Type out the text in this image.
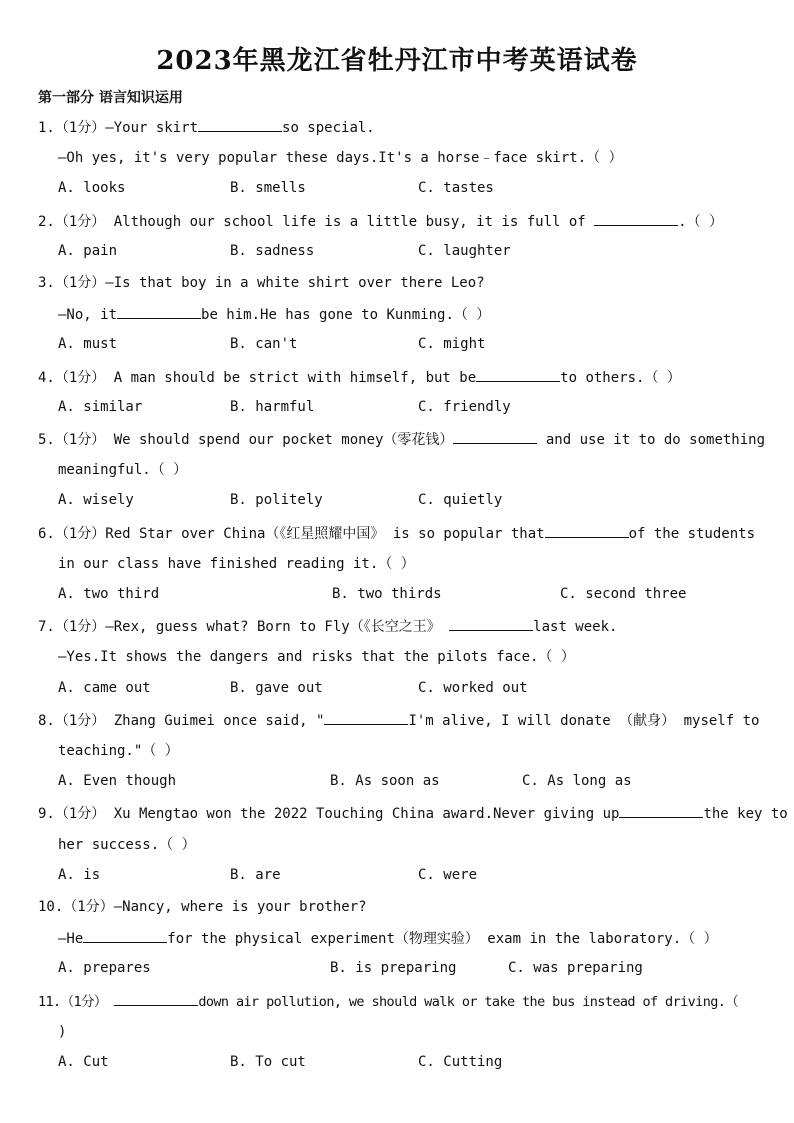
2023年黑龙江省牡丹江市中考英语试卷
第一部分 语言知识运用
1.（1分）—Your skirt	so special.
—Oh yes, it's very popular these days.It's a horse﹣face skirt.（ ）
A. looks	B. smells	C. tastes
2.（1分） Although our school life is a little busy, it is full of	.（ ）
A. pain	B. sadness	C. laughter
3.（1分）—Is that boy in a white shirt over there Leo?
—No, it	be him.He has gone to Kunming.（ ）
A. must	B. can't	C. might
4.（1分） A man should be strict with himself, but be	to others.（ ）
A. similar	B. harmful	C. friendly
5.（1分） We should spend our pocket money（零花钱）	and use it to do something
meaningful.（ ）
A. wisely	B. politely	C. quietly
6.（1分）Red Star over China（《红星照耀中国》 is so popular that	of the students
in our class have finished reading it.（ ）
A. two third	B. two thirds	C. second three
7.（1分）—Rex, guess what? Born to Fly（《长空之王》	last week.
—Yes.It shows the dangers and risks that the pilots face.（ ）
A. came out	B. gave out	C. worked out
8.（1分） Zhang Guimei once said, "	I'm alive, I will donate （献身） myself to
teaching."（ ）
A. Even though	B. As soon as	C. As long as
9.（1分） Xu Mengtao won the 2022 Touching China award.Never giving up	the key to
her success.（ ）
A. is	B. are	C. were
10.（1分）—Nancy, where is your brother?
—He	for the physical experiment（物理实验） exam in the laboratory.（ ）
A. prepares	B. is preparing	C. was preparing
11.（1分）	down air pollution, we should walk or take the bus instead of driving.（
)
A. Cut	B. To cut	C. Cutting
